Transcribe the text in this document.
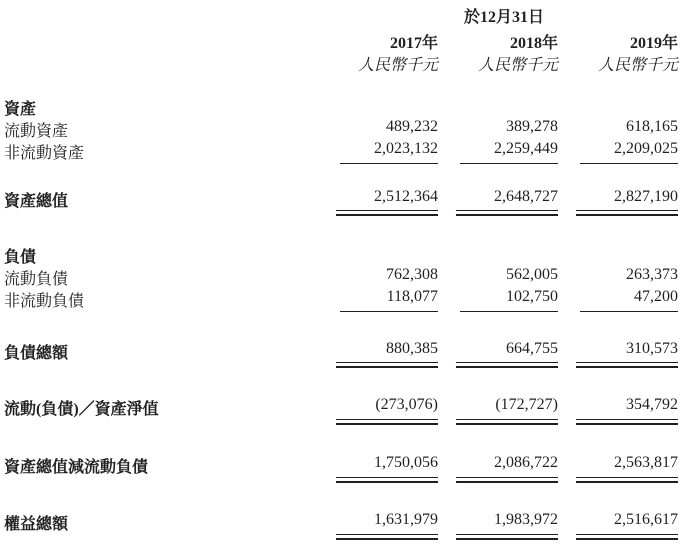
於12月31日
2017年	2018年	2019年
人民幣千元	人民幣千元	人民幣千元
資產
流動資產	489,232	389,278	618,165
非流動資產	2,023,132	2,259,449	2,209,025
資產總值	2,512,364	2,648,727	2,827,190
負債
流動負債	762,308	562,005	263,373
非流動負債	118,077	102,750	47,200
負債總額	880,385	664,755	310,573
流動(負債)／資產淨值	(273,076)	(172,727)	354,792
資產總值減流動負債	1,750,056	2,086,722	2,563,817
權益總額	1,631,979	1,983,972	2,516,617
